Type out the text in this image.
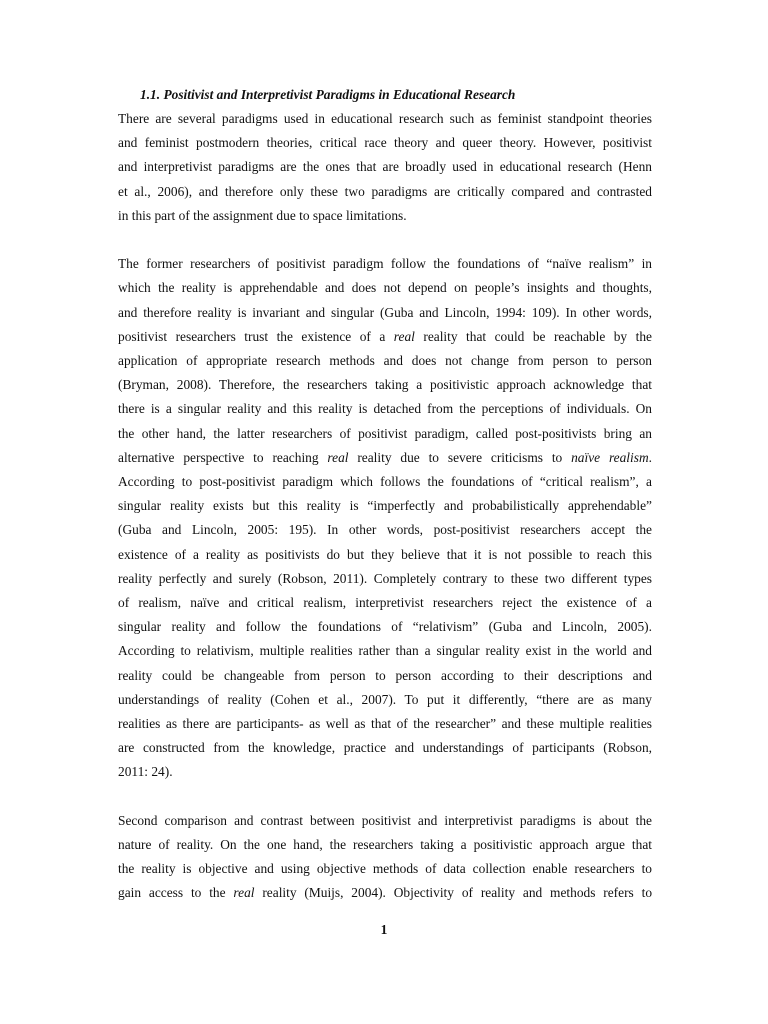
1.1. Positivist and Interpretivist Paradigms in Educational Research
There are several paradigms used in educational research such as feminist standpoint theories
and feminist postmodern theories, critical race theory and queer theory. However, positivist
and interpretivist paradigms are the ones that are broadly used in educational research (Henn
et al., 2006), and therefore only these two paradigms are critically compared and contrasted
in this part of the assignment due to space limitations.
The former researchers of positivist paradigm follow the foundations of “naïve realism” in
which the reality is apprehendable and does not depend on people’s insights and thoughts,
and therefore reality is invariant and singular (Guba and Lincoln, 1994: 109). In other words,
positivist researchers trust the existence of a real reality that could be reachable by the
application of appropriate research methods and does not change from person to person
(Bryman, 2008). Therefore, the researchers taking a positivistic approach acknowledge that
there is a singular reality and this reality is detached from the perceptions of individuals. On
the other hand, the latter researchers of positivist paradigm, called post-positivists bring an
alternative perspective to reaching real reality due to severe criticisms to naïve realism.
According to post-positivist paradigm which follows the foundations of “critical realism”, a
singular reality exists but this reality is “imperfectly and probabilistically apprehendable”
(Guba and Lincoln, 2005: 195). In other words, post-positivist researchers accept the
existence of a reality as positivists do but they believe that it is not possible to reach this
reality perfectly and surely (Robson, 2011). Completely contrary to these two different types
of realism, naïve and critical realism, interpretivist researchers reject the existence of a
singular reality and follow the foundations of “relativism” (Guba and Lincoln, 2005).
According to relativism, multiple realities rather than a singular reality exist in the world and
reality could be changeable from person to person according to their descriptions and
understandings of reality (Cohen et al., 2007). To put it differently, “there are as many
realities as there are participants- as well as that of the researcher” and these multiple realities
are constructed from the knowledge, practice and understandings of participants (Robson,
2011: 24).
Second comparison and contrast between positivist and interpretivist paradigms is about the
nature of reality. On the one hand, the researchers taking a positivistic approach argue that
the reality is objective and using objective methods of data collection enable researchers to
gain access to the real reality (Muijs, 2004). Objectivity of reality and methods refers to
1
